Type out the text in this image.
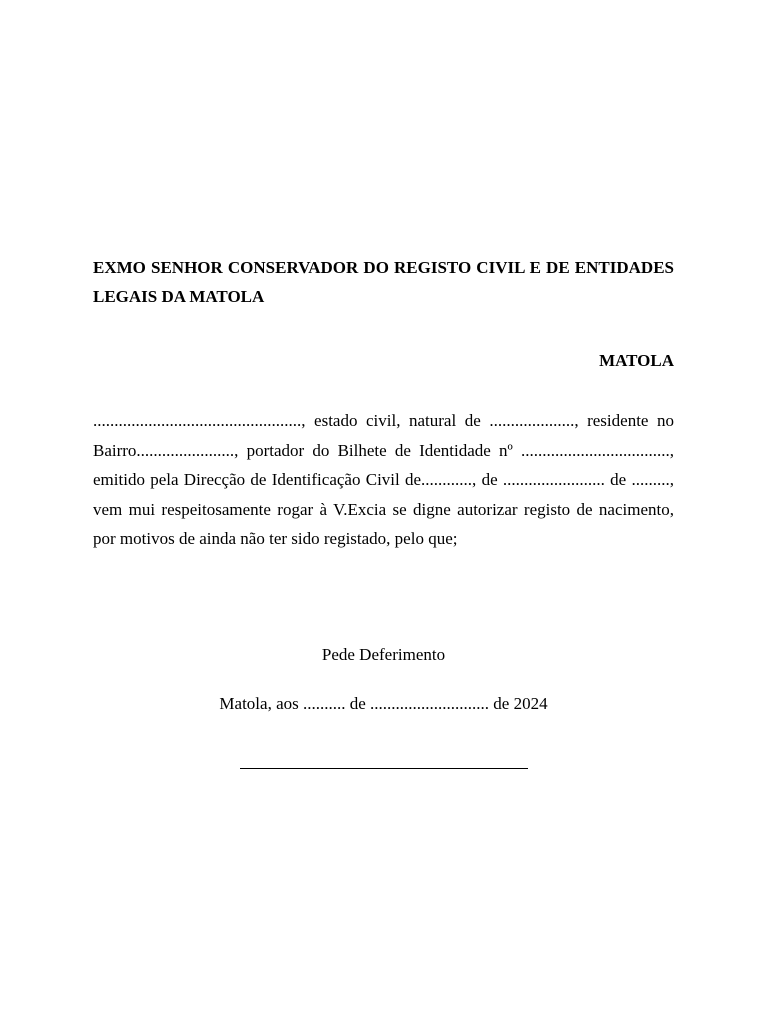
EXMO SENHOR CONSERVADOR DO REGISTO CIVIL E DE ENTIDADES LEGAIS DA MATOLA
MATOLA
................................................., estado civil, natural de ...................., residente no Bairro......................., portador do Bilhete de Identidade nº ..................................., emitido pela Direcção de Identificação Civil de............, de ........................ de ........., vem mui respeitosamente rogar à V.Excia se digne autorizar registo de nacimento, por motivos de ainda não ter sido registado, pelo que;
Pede Deferimento
Matola, aos .......... de ............................ de 2024
